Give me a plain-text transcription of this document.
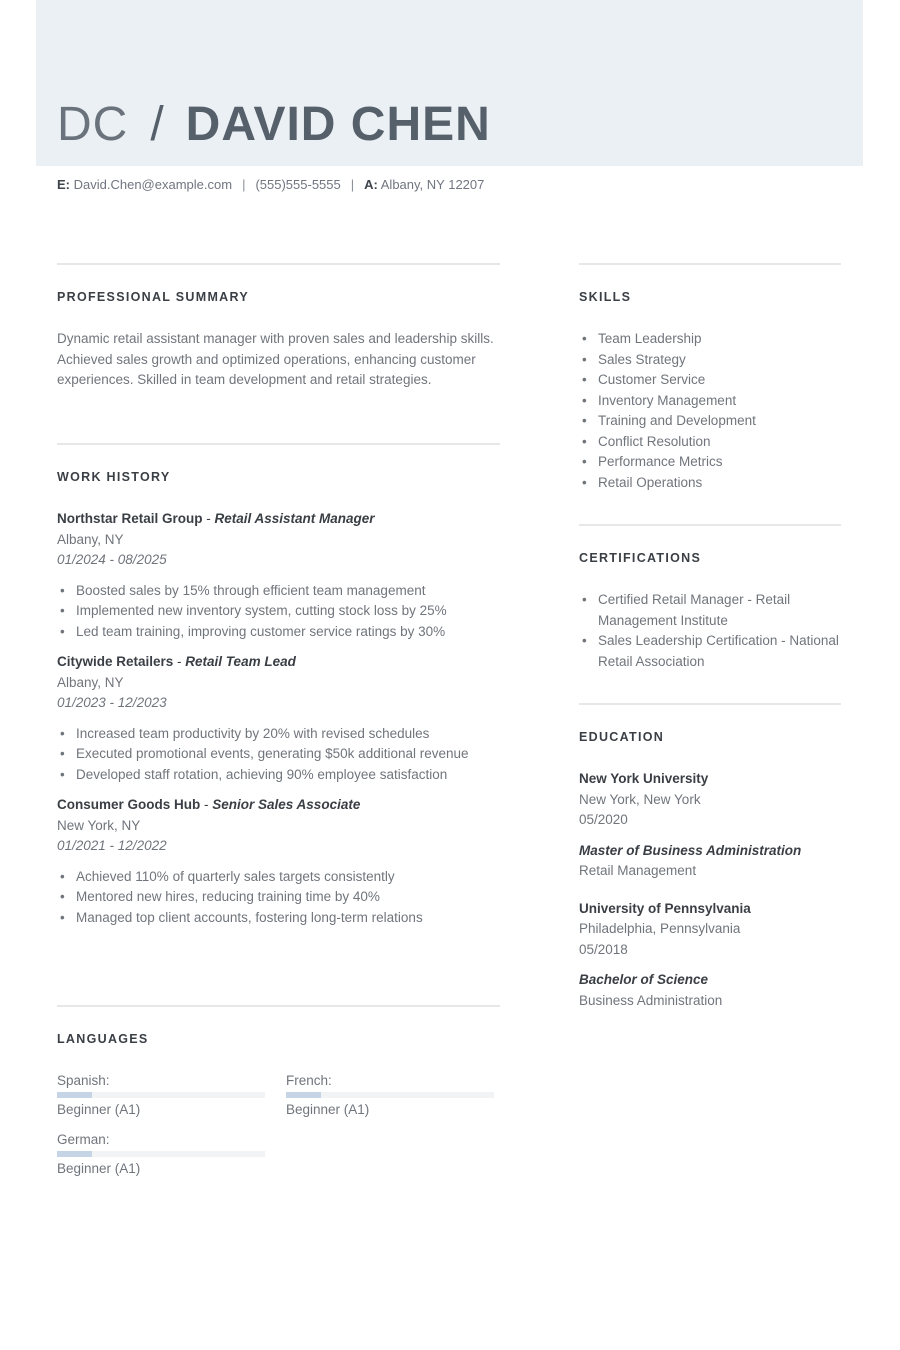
DC / DAVID CHEN
E: David.Chen@example.com | (555)555-5555 | A: Albany, NY 12207
PROFESSIONAL SUMMARY
Dynamic retail assistant manager with proven sales and leadership skills. Achieved sales growth and optimized operations, enhancing customer experiences. Skilled in team development and retail strategies.
WORK HISTORY
Northstar Retail Group - Retail Assistant Manager
Albany, NY
01/2024 - 08/2025
• Boosted sales by 15% through efficient team management
• Implemented new inventory system, cutting stock loss by 25%
• Led team training, improving customer service ratings by 30%
Citywide Retailers - Retail Team Lead
Albany, NY
01/2023 - 12/2023
• Increased team productivity by 20% with revised schedules
• Executed promotional events, generating $50k additional revenue
• Developed staff rotation, achieving 90% employee satisfaction
Consumer Goods Hub - Senior Sales Associate
New York, NY
01/2021 - 12/2022
• Achieved 110% of quarterly sales targets consistently
• Mentored new hires, reducing training time by 40%
• Managed top client accounts, fostering long-term relations
LANGUAGES
Spanish:
Beginner (A1)
French:
Beginner (A1)
German:
Beginner (A1)
SKILLS
• Team Leadership
• Sales Strategy
• Customer Service
• Inventory Management
• Training and Development
• Conflict Resolution
• Performance Metrics
• Retail Operations
CERTIFICATIONS
• Certified Retail Manager - Retail Management Institute
• Sales Leadership Certification - National Retail Association
EDUCATION
New York University
New York, New York
05/2020
Master of Business Administration
Retail Management
University of Pennsylvania
Philadelphia, Pennsylvania
05/2018
Bachelor of Science
Business Administration
